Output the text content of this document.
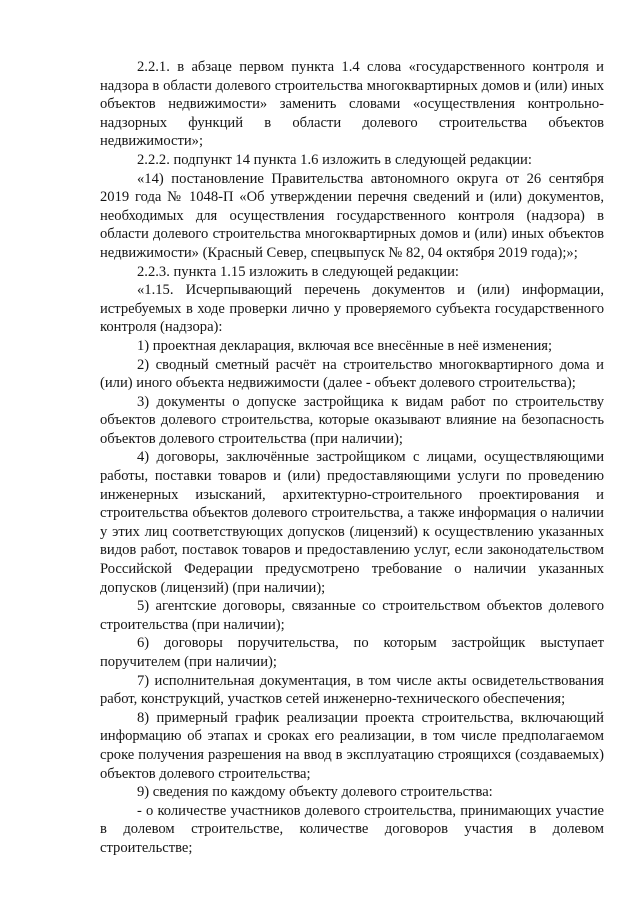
2.2.1. в абзаце первом пункта 1.4 слова «государственного контроля и надзора в области долевого строительства многоквартирных домов и (или) иных объектов недвижимости» заменить словами «осуществления контрольно-надзорных функций в области долевого строительства объектов недвижимости»;

2.2.2. подпункт 14 пункта 1.6 изложить в следующей редакции:

«14) постановление Правительства автономного округа от 26 сентября 2019 года № 1048-П «Об утверждении перечня сведений и (или) документов, необходимых для осуществления государственного контроля (надзора) в области долевого строительства многоквартирных домов и (или) иных объектов недвижимости» (Красный Север, спецвыпуск № 82, 04 октября 2019 года);»;

2.2.3. пункта 1.15 изложить в следующей редакции:

«1.15. Исчерпывающий перечень документов и (или) информации, истребуемых в ходе проверки лично у проверяемого субъекта государственного контроля (надзора):

1) проектная декларация, включая все внесённые в неё изменения;

2) сводный сметный расчёт на строительство многоквартирного дома и (или) иного объекта недвижимости (далее - объект долевого строительства);

3) документы о допуске застройщика к видам работ по строительству объектов долевого строительства, которые оказывают влияние на безопасность объектов долевого строительства (при наличии);

4) договоры, заключённые застройщиком с лицами, осуществляющими работы, поставки товаров и (или) предоставляющими услуги по проведению инженерных изысканий, архитектурно-строительного проектирования и строительства объектов долевого строительства, а также информация о наличии у этих лиц соответствующих допусков (лицензий) к осуществлению указанных видов работ, поставок товаров и предоставлению услуг, если законодательством Российской Федерации предусмотрено требование о наличии указанных допусков (лицензий) (при наличии);

5) агентские договоры, связанные со строительством объектов долевого строительства (при наличии);

6) договоры поручительства, по которым застройщик выступает поручителем (при наличии);

7) исполнительная документация, в том числе акты освидетельствования работ, конструкций, участков сетей инженерно-технического обеспечения;

8) примерный график реализации проекта строительства, включающий информацию об этапах и сроках его реализации, в том числе предполагаемом сроке получения разрешения на ввод в эксплуатацию строящихся (создаваемых) объектов долевого строительства;

9) сведения по каждому объекту долевого строительства:

- о количестве участников долевого строительства, принимающих участие в долевом строительстве, количестве договоров участия в долевом строительстве;
